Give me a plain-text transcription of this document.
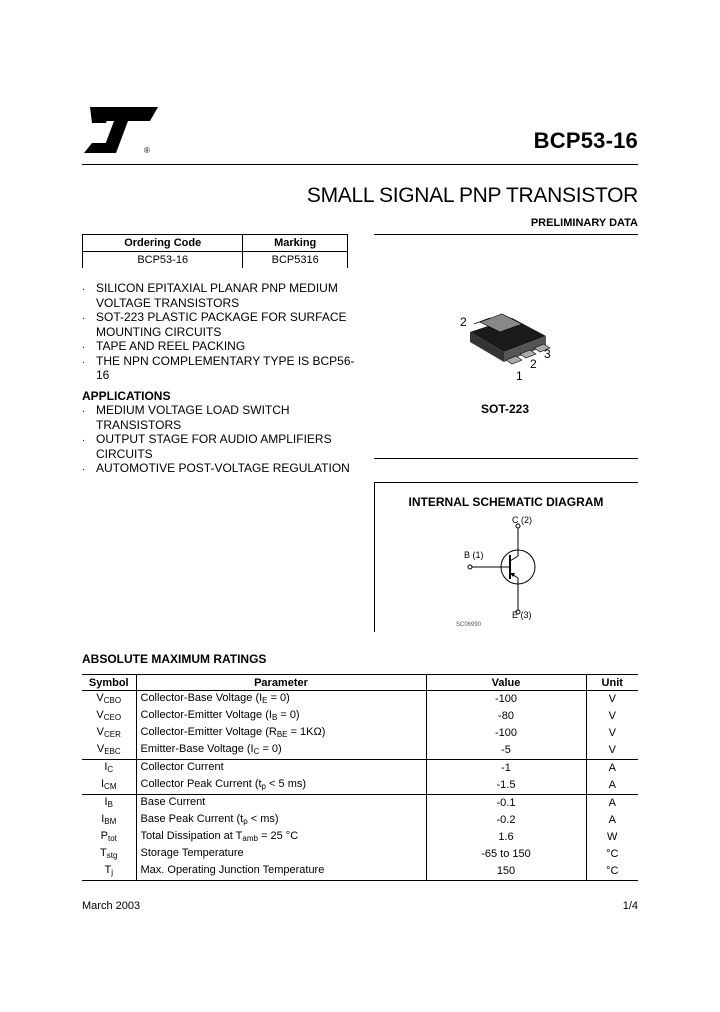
®	BCP53-16
SMALL SIGNAL PNP TRANSISTOR
PRELIMINARY DATA
Ordering Code	Marking
BCP53-16	BCP5316
․ SILICON EPITAXIAL PLANAR PNP MEDIUM VOLTAGE TRANSISTORS
․ SOT-223 PLASTIC PACKAGE FOR SURFACE MOUNTING CIRCUITS
․ TAPE AND REEL PACKING
․ THE NPN COMPLEMENTARY TYPE IS BCP56-16
APPLICATIONS
․ MEDIUM VOLTAGE LOAD SWITCH TRANSISTORS
․ OUTPUT STAGE FOR AUDIO AMPLIFIERS CIRCUITS
․ AUTOMOTIVE POST-VOLTAGE REGULATION
2
2
3
1
SOT-223
INTERNAL SCHEMATIC DIAGRAM
C (2)
B (1)
E (3)
SC06990
ABSOLUTE MAXIMUM RATINGS
Symbol	Parameter	Value	Unit
$V_{CBO}$	Collector-Base Voltage $(I_E = 0)$	-100	V
$V_{CEO}$	Collector-Emitter Voltage $(I_B = 0)$	-80	V
$V_{CER}$	Collector-Emitter Voltage $(R_{BE} = 1K\Omega)$	-100	V
$V_{EBC}$	Emitter-Base Voltage $(I_C = 0)$	-5	V
$I_C$	Collector Current	-1	A
$I_{CM}$	Collector Peak Current ($t_p < 5$ ms)	-1.5	A
$I_B$	Base Current	-0.1	A
$I_{BM}$	Base Peak Current $(t_p < ms)$	-0.2	A
$P_{tot}$	Total Dissipation at $T_{amb} = 25$ °C	1.6	W
$T_{stg}$	Storage Temperature	-65 to 150	°C
$T_j$	Max. Operating Junction Temperature	150	°C
March 2003	1/4
